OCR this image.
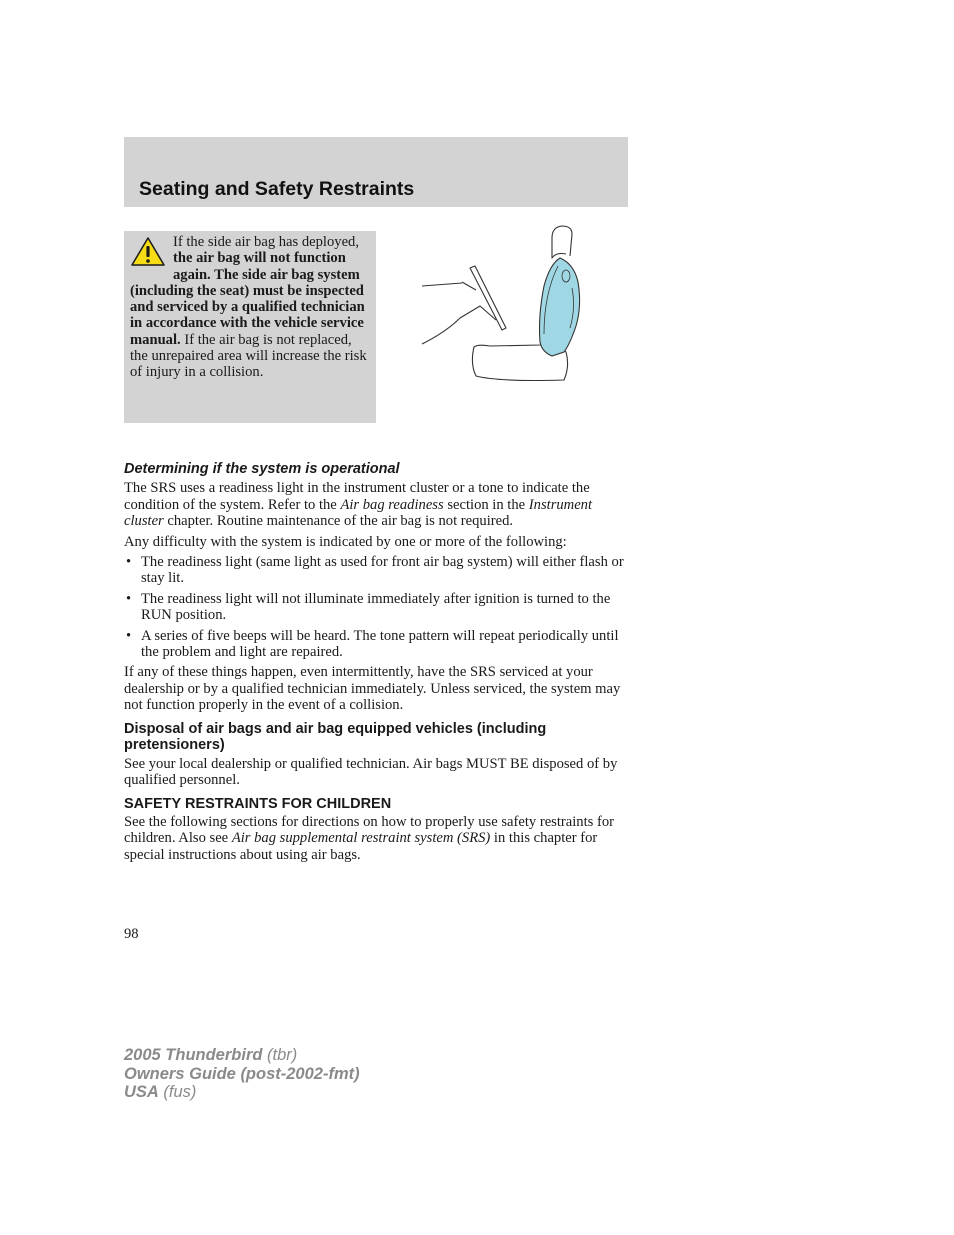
Seating and Safety Restraints

If the side air bag has deployed, the air bag will not function again. The side air bag system (including the seat) must be inspected and serviced by a qualified technician in accordance with the vehicle service manual. If the air bag is not replaced, the unrepaired area will increase the risk of injury in a collision.

Determining if the system is operational

The SRS uses a readiness light in the instrument cluster or a tone to indicate the condition of the system. Refer to the Air bag readiness section in the Instrument cluster chapter. Routine maintenance of the air bag is not required.

Any difficulty with the system is indicated by one or more of the following:

• The readiness light (same light as used for front air bag system) will either flash or stay lit.
• The readiness light will not illuminate immediately after ignition is turned to the RUN position.
• A series of five beeps will be heard. The tone pattern will repeat periodically until the problem and light are repaired.

If any of these things happen, even intermittently, have the SRS serviced at your dealership or by a qualified technician immediately. Unless serviced, the system may not function properly in the event of a collision.

Disposal of air bags and air bag equipped vehicles (including pretensioners)

See your local dealership or qualified technician. Air bags MUST BE disposed of by qualified personnel.

SAFETY RESTRAINTS FOR CHILDREN

See the following sections for directions on how to properly use safety restraints for children. Also see Air bag supplemental restraint system (SRS) in this chapter for special instructions about using air bags.

98
2005 Thunderbird (tbr)
Owners Guide (post-2002-fmt)
USA (fus)
